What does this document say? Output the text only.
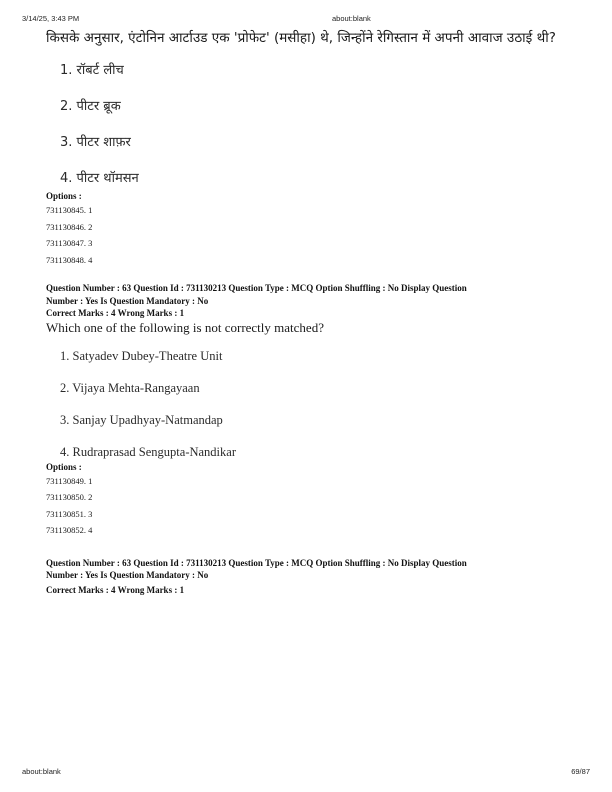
3/14/25, 3:43 PM	about:blank
किसके अनुसार, एंटोनिन आर्टाउड एक 'प्रोफेट' (मसीहा) थे, जिन्होंने रेगिस्तान में अपनी आवाज उठाई थी?
1. रॉबर्ट लीच
2. पीटर ब्रूक
3. पीटर शाफ़र
4. पीटर थॉमसन
Options :
731130845. 1
731130846. 2
731130847. 3
731130848. 4
Question Number : 63 Question Id : 731130213 Question Type : MCQ Option Shuffling : No Display Question
Number : Yes Is Question Mandatory : No
Correct Marks : 4 Wrong Marks : 1
Which one of the following is not correctly matched?
1. Satyadev Dubey-Theatre Unit
2. Vijaya Mehta-Rangayaan
3. Sanjay Upadhyay-Natmandap
4. Rudraprasad Sengupta-Nandikar
Options :
731130849. 1
731130850. 2
731130851. 3
731130852. 4
Question Number : 63 Question Id : 731130213 Question Type : MCQ Option Shuffling : No Display Question
Number : Yes Is Question Mandatory : No
Correct Marks : 4 Wrong Marks : 1
about:blank	69/87
